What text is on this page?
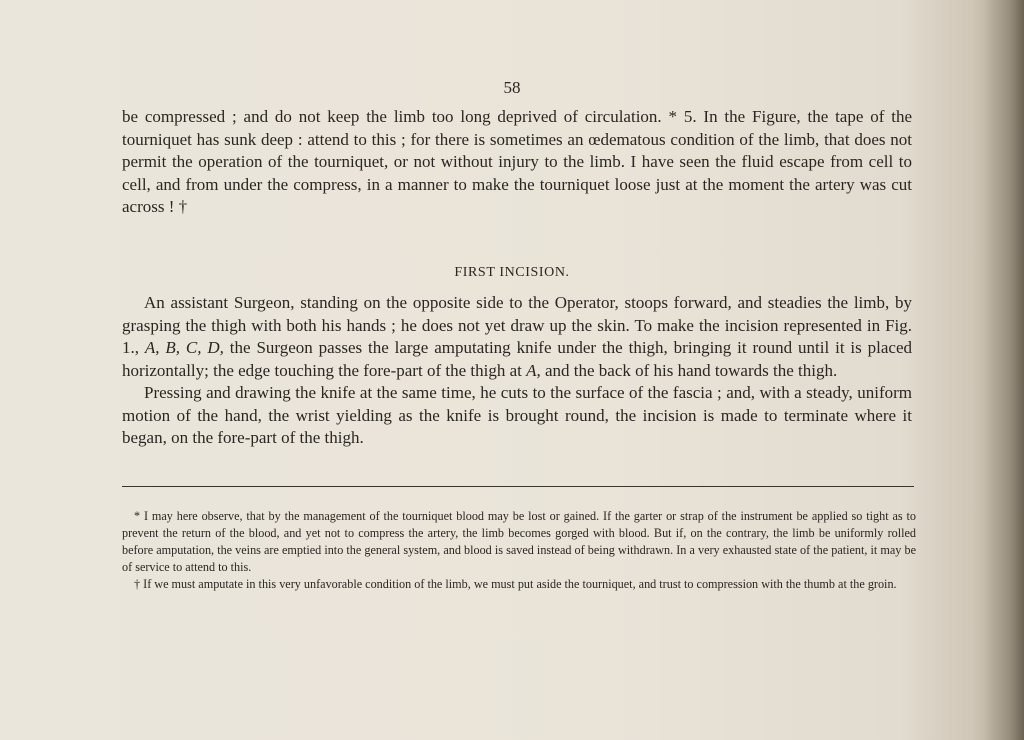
58

be compressed ; and do not keep the limb too long deprived of circulation. * 5. In the Figure, the tape of the tourniquet has sunk deep : attend to this ; for there is sometimes an œdematous condition of the limb, that does not permit the operation of the tourniquet, or not without injury to the limb. I have seen the fluid escape from cell to cell, and from under the compress, in a manner to make the tourniquet loose just at the moment the artery was cut across ! †

FIRST INCISION.

An assistant Surgeon, standing on the opposite side to the Operator, stoops forward, and steadies the limb, by grasping the thigh with both his hands ; he does not yet draw up the skin. To make the incision represented in Fig. 1., A, B, C, D, the Surgeon passes the large amputating knife under the thigh, bringing it round until it is placed horizontally; the edge touching the fore-part of the thigh at A, and the back of his hand towards the thigh.

Pressing and drawing the knife at the same time, he cuts to the surface of the fascia ; and, with a steady, uniform motion of the hand, the wrist yielding as the knife is brought round, the incision is made to terminate where it began, on the fore-part of the thigh.

* I may here observe, that by the management of the tourniquet blood may be lost or gained. If the garter or strap of the instrument be applied so tight as to prevent the return of the blood, and yet not to compress the artery, the limb becomes gorged with blood. But if, on the contrary, the limb be uniformly rolled before amputation, the veins are emptied into the general system, and blood is saved instead of being withdrawn. In a very exhausted state of the patient, it may be of service to attend to this.

† If we must amputate in this very unfavorable condition of the limb, we must put aside the tourniquet, and trust to compression with the thumb at the groin.
